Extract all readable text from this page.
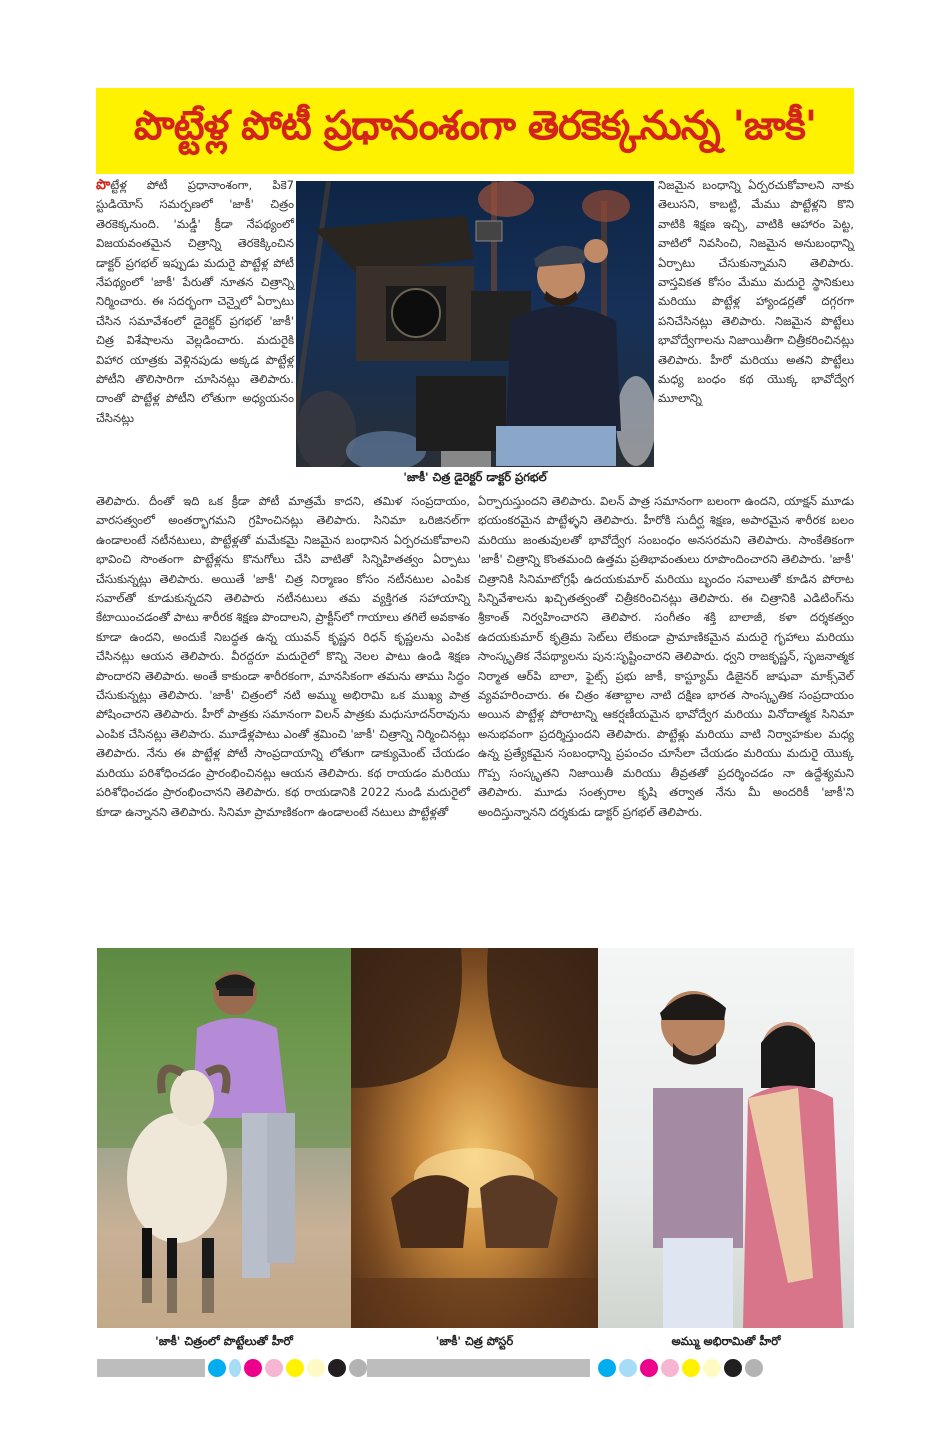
పొట్టేళ్ల పోటీ ప్రధానంశంగా తెరకెక్కనున్న 'జాకీ'
పొట్టేళ్ల పోటీ ప్రధానాంశంగా, పికె7 స్టుడియోస్ సమర్పణలో 'జాకీ' చిత్రం తెరకెక్కనుంది. 'మడ్డీ' క్రీడా నేపథ్యంలో విజయవంతమైన చిత్రాన్ని తెరకెక్కించిన డాక్టర్ ప్రగభల్ ఇప్పుడు మదురై పొట్టేళ్ల పోటీ నేపథ్యంలో 'జాకీ' పేరుతో నూతన చిత్రాన్ని నిర్మించారు. ఈ సదర్భంగా చెన్నైలో ఏర్పాటు చేసిన సమావేశంలో డైరెక్టర్ ప్రగభల్ 'జాకీ' చిత్ర విశేషాలను వెల్లడించారు. మదురైకి విహార యాత్రకు వెళ్లినపుడు అక్కడ పొట్టేళ్ల పోటీని తొలిసారిగా చూసినట్లు తెలిపారు. దాంతో పొట్టేళ్ల పోటీని లోతుగా అధ్యయనం చేసినట్లు
'జాకీ' చిత్ర డైరెక్టర్ డాక్టర్ ప్రగభల్
నిజమైన బంధాన్ని ఏర్పరచుకోవాలని నాకు తెలుసని, కాబట్టి, మేము పొట్టేళ్లని కొని వాటికి శిక్షణ ఇచ్చి, వాటికి ఆహారం పెట్ట, వాటిలో నివసించి, నిజమైన అనుబంధాన్ని ఏర్పాటు చేసుకున్నామని తెలిపారు. వాస్తవికత కోసం మేము మదురై స్థానికులు మరియు పొట్టేళ్ల హ్యాండర్లతో దగ్గరగా పనిచేసినట్లు తెలిపారు. నిజమైన పొట్టేలు భావోద్వేగాలను నిజాయితీగా చిత్రీకరించినట్లు తెలిపారు. హీరో మరియు అతని పొట్టేలు మధ్య బంధం కథ యొక్క భావోద్వేగ మూలాన్ని
తెలిపారు. దీంతో ఇది ఒక క్రీడా పోటీ మాత్రమే కాదని, తమిళ సంప్రదాయం, వారసత్వంలో అంతర్భాగమని గ్రహించినట్లు తెలిపారు. సినిమా ఒరిజినల్‌గా ఉండాలంటే నటీనటులు, పొట్టేళ్లతో మమేకమై నిజమైన బంధానిన ఏర్పరచుకోవాలని భావించి సొంతంగా పొట్టేళ్లను కొనుగోలు చేసి వాటితో సిన్నిహితత్వం ఏర్పాటు చేసుకున్నట్లు తెలిపారు. అయితే 'జాకీ' చిత్ర నిర్మాణం కోసం నటీనటుల ఎంపిక సవాల్‌తో కూడుకున్నదని తెలిపారు నటీనటులు తమ వ్యక్తిగత సహాయాన్ని కేటాయించడంతో పాటు శారీరక శిక్షణ పొందాలని, ప్రాక్టీస్‌లో గాయాలు తగిలే అవకాశం కూడా ఉందని, అందుకే నిబద్ధత ఉన్న యువన్ కృష్ణన రిధన్ కృష్ణలను ఎంపిక చేసినట్లు ఆయన తెలిపారు. వీరద్దరూ మదురైలో కొన్ని నెలల పాటు ఉండి శిక్షణ పొందారని తెలిపారు. అంతే కాకుండా శారీరకంగా, మానసికంగా తమను తాము సిద్ధం చేసుకున్నట్లు తెలిపారు. 'జాకీ' చిత్రంలో నటి అమ్ము అభిరామి ఒక ముఖ్య పాత్ర పోషించారని తెలిపారు. హీరో పాత్రకు సమానంగా విలన్ పాత్రకు మధుసూదన్‌రావును ఎంపిక చేసినట్లు తెలిపారు. మూడేళ్లపాటు ఎంతో శ్రమించి 'జాకీ' చిత్రాన్ని నిర్మించినట్లు తెలిపారు. నేను ఈ పొట్టేళ్ల పోటీ సాంప్రదాయాన్ని లోతుగా డాక్యుమెంట్ చేయడం మరియు పరిశోధించడం ప్రారంభించినట్లు ఆయన తెలిపారు. కథ రాయడం మరియు పరిశోధించడం ప్రారంభించానని తెలిపారు. కథ రాయడానికి 2022 నుండి మదురైలో కూడా ఉన్నానని తెలిపారు. సినిమా ప్రామాణికంగా ఉండాలంటే నటులు పొట్టేళ్లతో
ఏర్పారుస్తుందని తెలిపారు. విలన్ పాత్ర సమానంగా బలంగా ఉందని, యాక్షన్ మూడు భయంకరమైన పొట్టేళ్ళని తెలిపారు. హీరోకి సుదీర్ఘ శిక్షణ, అపారమైన శారీరక బలం మరియు జంతువులతో భావోద్వేగ సంబంధం అనసరమని తెలిపారు. సాంకేతికంగా 'జాకీ' చిత్రాన్ని కొంతమంది ఉత్తమ ప్రతిభావంతులు రూపొందించారని తెలిపారు. 'జాకీ' చిత్రానికి సినిమాటోగ్రఫీ ఉదయకుమార్ మరియు బృందం సవాలుతో కూడిన పోరాట సిన్నివేశాలను ఖచ్చితత్వంతో చిత్రీకరించినట్లు తెలిపారు. ఈ చిత్రానికి ఎడిటింగ్‌ను శ్రీకాంత్ నిర్వహించారని తెలిపార. సంగీతం శక్తి బాలాజీ, కళా దర్శకత్వం ఉదయకుమార్ కృత్రిమ సెట్‌లు లేకుండా ప్రామాణికమైన మదురై గృహాలు మరియు సాంస్కృతిక నేపథ్యాలను పున:సృష్టించారని తెలిపారు. ధ్వని రాజకృష్ణన్, సృజనాత్మక నిర్మాత ఆర్‌పి బాలా, ఫైట్స్ ప్రభు జాకీ, కాస్ట్యూమ్ డిజైనర్ జాషువా మాక్స్‌వెల్ వ్యవహరించారు. ఈ చిత్రం శతాబ్దాల నాటి దక్షిణ భారత సాంస్కృతిక సంప్రదాయం అయిన పొట్టేళ్ల పోరాటాన్ని ఆకర్షణీయమైన భావోద్వేగ మరియు వినోదాత్మక సినిమా అనుభవంగా ప్రదర్శిస్తుందని తెలిపారు. పొట్టేళ్లు మరియు వాటి నిర్వాహకుల మధ్య ఉన్న ప్రత్యేకమైన సంబంధాన్ని ప్రపంచం చూసేలా చేయడం మరియు మదురై యొక్క గొప్ప సంస్కృతని నిజాయితీ మరియు తీవ్రతతో ప్రదర్శించడం నా ఉద్దేశ్యమని తెలిపారు. మూడు సంత్సరాల కృషి తర్వాత నేను మీ అందరికీ 'జాకీ'ని అందిస్తున్నానని దర్శకుడు డాక్టర్ ప్రగభల్ తెలిపారు.
'జాకీ' చిత్రంలో పొట్టేలుతో హీరో	'జాకీ' చిత్ర పోస్టర్	అమ్ము అభిరామితో హీరో
